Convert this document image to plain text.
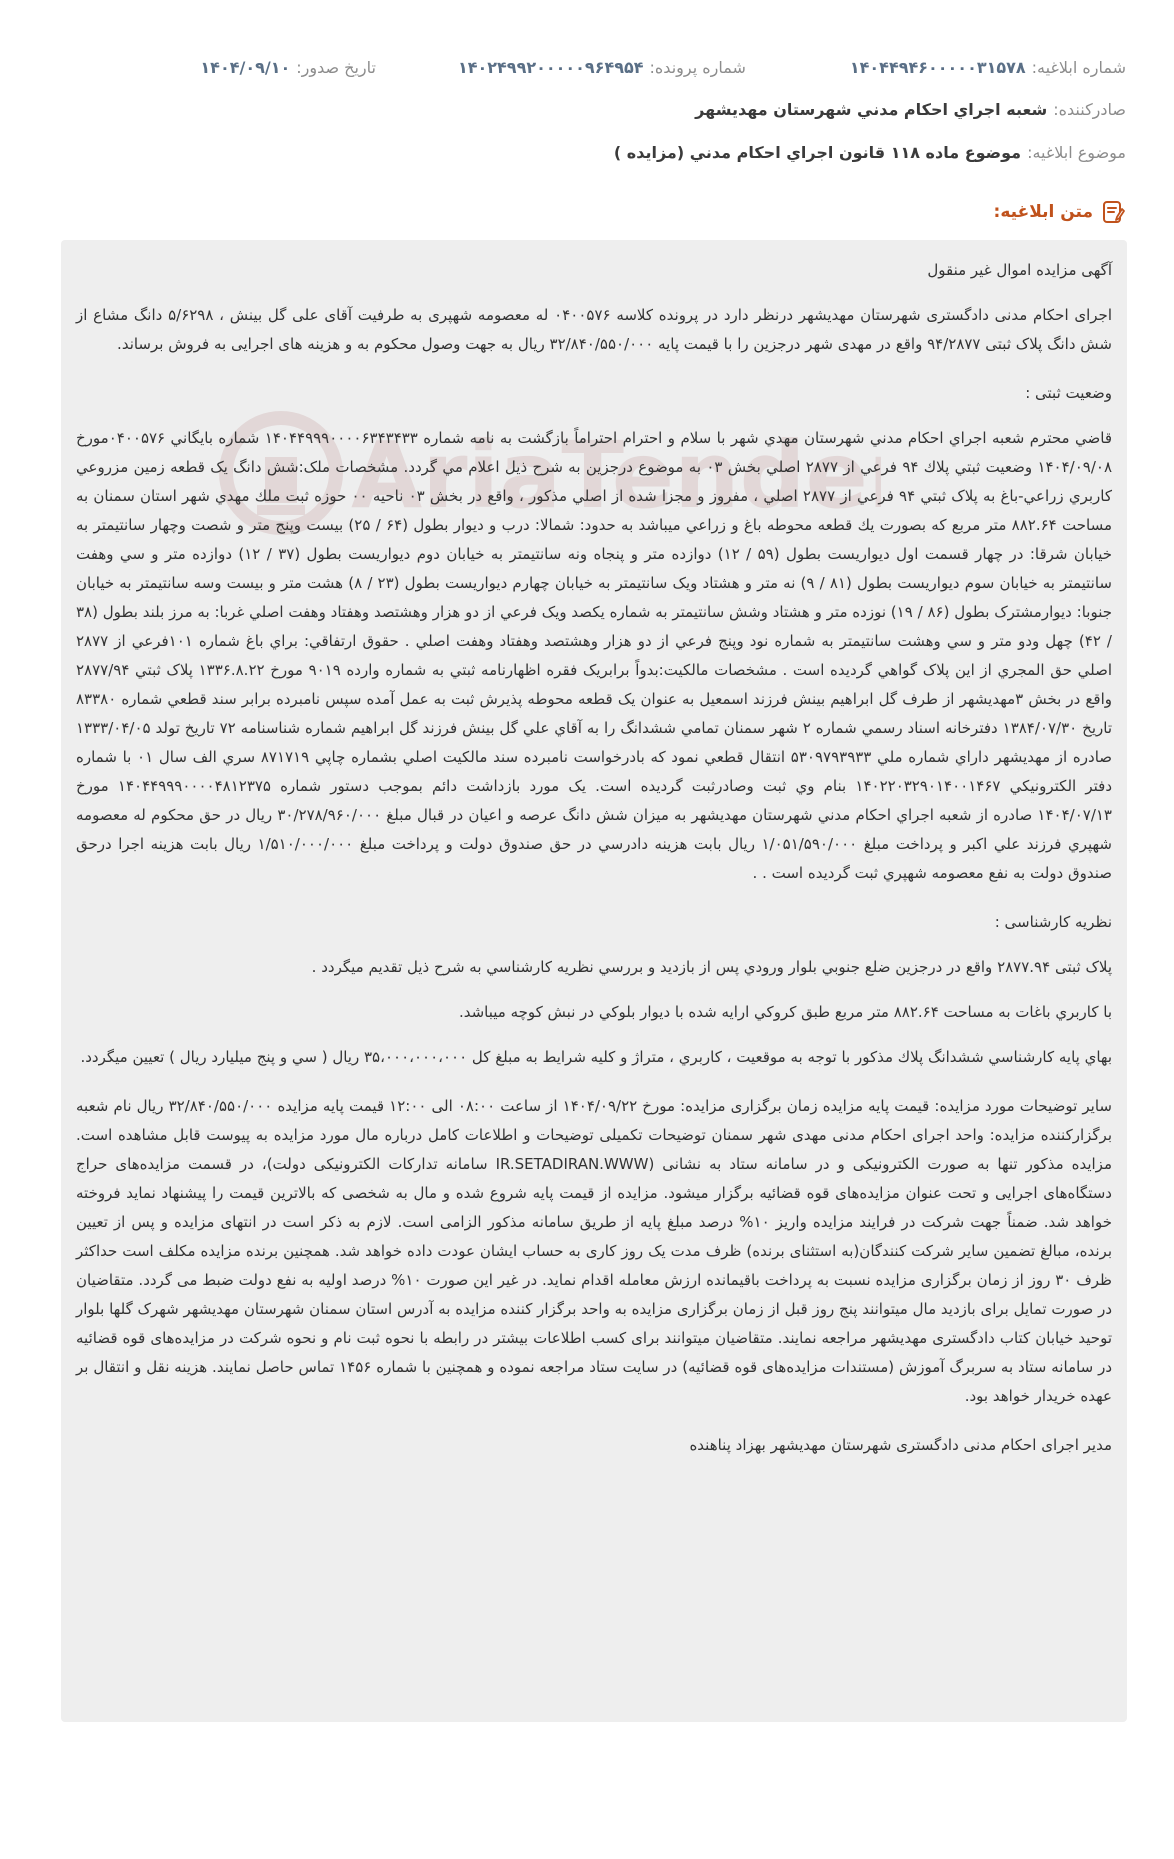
شماره ابلاغیه:
۱۴۰۴۴۹۴۶۰۰۰۰۰۳۱۵۷۸
شماره پرونده:
۱۴۰۲۴۹۹۲۰۰۰۰۰۹۶۴۹۵۴
تاریخ صدور:
۱۴۰۴/۰۹/۱۰
صادرکننده:
شعبه اجراي احكام مدني شهرستان مهديشهر
موضوع ابلاغیه:
موضوع ماده ۱۱۸ قانون اجراي احكام مدني (مزايده )
متن ابلاغیه:
AriaTende

آگهی مزایده اموال غیر منقول

اجرای احکام مدنی دادگستری شهرستان مهدیشهر درنظر دارد در پرونده کلاسه ۰۴۰۰۵۷۶ له معصومه شهپری به طرفیت آقای علی گل بینش ، ۵/۶۲۹۸ دانگ مشاع از شش دانگ پلاک ثبتی ۹۴/۲۸۷۷ واقع در مهدی شهر درجزین را با قیمت پایه ۳۲/۸۴۰/۵۵۰/۰۰۰ ریال به جهت وصول محکوم به و هزینه های اجرایی به فروش برساند.

وضعیت ثبتی :

قاضي محترم شعبه اجراي احكام مدني شهرستان مهدي شهر با سلام و احترام احتراماً بازگشت به نامه شماره ۱۴۰۴۴۹۹۹۰۰۰۰۶۳۴۳۴۳۳ شماره بايگاني ۰۴۰۰۵۷۶مورخ ۱۴۰۴/۰۹/۰۸ وضعيت ثبتي پلاك ۹۴ فرعي از ۲۸۷۷ اصلي بخش ۰۳ به موضوع درجزين به شرح ذيل اعلام مي گردد. مشخصات ملک:شش دانگ يک قطعه زمين مزروعي کاربري زراعي-باغ به پلاک ثبتي ۹۴ فرعي از ۲۸۷۷ اصلي ، مفروز و مجزا شده از اصلي مذکور ، واقع در بخش ۰۳ ناحيه ۰۰ حوزه ثبت ملك مهدي شهر استان سمنان به مساحت ۸۸۲.۶۴ متر مربع كه بصورت يك قطعه محوطه باغ و زراعي ميباشد به حدود: شمالا: درب و ديوار بطول (۶۴ / ۲۵) بيست وپنج متر و شصت وچهار سانتيمتر به خيابان شرقا: در چهار قسمت اول ديواريست بطول (۵۹ / ۱۲) دوازده متر و پنجاه ونه سانتيمتر به خيابان دوم ديواريست بطول (۳۷ / ۱۲) دوازده متر و سي وهفت سانتيمتر به خيابان سوم ديواريست بطول (۸۱ / ۹) نه متر و هشتاد ويک سانتيمتر به خيابان چهارم ديواريست بطول (۲۳ / ۸) هشت متر و بيست وسه سانتيمتر به خيابان جنوبا: ديوارمشترک بطول (۸۶ / ۱۹) نوزده متر و هشتاد وشش سانتيمتر به شماره يکصد ويک فرعي از دو هزار وهشتصد وهفتاد وهفت اصلي غربا: به مرز بلند بطول (۳۸ / ۴۲) چهل ودو متر و سي وهشت سانتيمتر به شماره نود وپنج فرعي از دو هزار وهشتصد وهفتاد وهفت اصلي . حقوق ارتفاقي: براي باغ شماره ۱۰۱فرعي از ۲۸۷۷ اصلي حق المجري از اين پلاک گواهي گرديده است . مشخصات مالکيت:بدواً برابريک فقره اظهارنامه ثبتي به شماره وارده ۹۰۱۹ مورخ ۱۳۳۶.۸.۲۲ پلاک ثبتي ۲۸۷۷/۹۴ واقع در بخش ۳مهديشهر از طرف گل ابراهيم بينش فرزند اسمعيل به عنوان يک قطعه محوطه پذيرش ثبت به عمل آمده سپس نامبرده برابر سند قطعي شماره ۸۳۳۸۰ تاريخ ۱۳۸۴/۰۷/۳۰ دفترخانه اسناد رسمي شماره ۲ شهر سمنان تمامي ششدانگ را به آقاي علي گل بينش فرزند گل ابراهيم شماره شناسنامه ۷۲ تاريخ تولد ۱۳۳۳/۰۴/۰۵ صادره از مهديشهر داراي شماره ملي ۵۳۰۹۷۹۳۹۳۳ انتقال قطعي نمود كه بادرخواست نامبرده سند مالكيت اصلي بشماره چاپي ۸۷۱۷۱۹ سري الف سال ۰۱ با شماره دفتر الكترونيكي ۱۴۰۲۲۰۳۲۹۰۱۴۰۰۱۴۶۷ بنام وي ثبت وصادرثبت گرديده است. يک مورد بازداشت دائم بموجب دستور شماره ۱۴۰۴۴۹۹۹۰۰۰۰۴۸۱۲۳۷۵ مورخ ۱۴۰۴/۰۷/۱۳ صادره از شعبه اجراي احكام مدني شهرستان مهديشهر به ميزان شش دانگ عرصه و اعيان در قبال مبلغ ۳۰/۲۷۸/۹۶۰/۰۰۰ ريال در حق محكوم له معصومه شهپري فرزند علي اكبر و پرداخت مبلغ ۱/۰۵۱/۵۹۰/۰۰۰ ريال بابت هزينه دادرسي در حق صندوق دولت و پرداخت مبلغ ۱/۵۱۰/۰۰۰/۰۰۰ ريال بابت هزينه اجرا درحق صندوق دولت به نفع معصومه شهپري ثبت گرديده است . .

نظریه کارشناسی :

پلاک ثبتی ۲۸۷۷.۹۴ واقع در درجزين ضلع جنوبي بلوار ورودي پس از بازديد و بررسي نظريه كارشناسي به شرح ذيل تقديم ميگردد .

با كاربري باغات به مساحت ۸۸۲.۶۴ متر مربع طبق كروكي ارايه شده با ديوار بلوكي در نبش كوچه ميباشد.

بهاي پايه كارشناسي ششدانگ پلاك مذكور با توجه به موقعيت ، كاربري ، متراژ و كليه شرايط به مبلغ كل ۳۵،۰۰۰،۰۰۰،۰۰۰ ريال ( سي و پنج ميليارد ريال ) تعيين ميگردد.

سایر توضیحات مورد مزایده: قیمت پایه مزایده زمان برگزاری مزایده: مورخ ۱۴۰۴/۰۹/۲۲ از ساعت ۰۸:۰۰ الی ۱۲:۰۰ قیمت پایه مزایده ۳۲/۸۴۰/۵۵۰/۰۰۰ ریال نام شعبه برگزارکننده مزایده: واحد اجرای احکام مدنی مهدی شهر سمنان توضیحات تکمیلی توضیحات و اطلاعات کامل درباره مال مورد مزایده به پیوست قابل مشاهده است. مزایده مذکور تنها به صورت الکترونیکی و در سامانه ستاد به نشانی (IR.SETADIRAN.WWW سامانه تدارکات الکترونیکی دولت)، در قسمت مزایده‌های حراج دستگاه‌های اجرایی و تحت عنوان مزایده‌های قوه قضائیه برگزار میشود. مزایده از قیمت پایه شروع شده و مال به شخصی که بالاترین قیمت را پیشنهاد نماید فروخته خواهد شد. ضمناً جهت شرکت در فرایند مزایده واریز ۱۰% درصد مبلغ پایه از طریق سامانه مذکور الزامی است. لازم به ذکر است در انتهای مزایده و پس از تعیین برنده، مبالغ تضمین سایر شرکت کنندگان(به استثنای برنده) ظرف مدت یک روز کاری به حساب ایشان عودت داده خواهد شد. همچنین برنده مزایده مکلف است حداکثر ظرف ۳۰ روز از زمان برگزاری مزایده نسبت به پرداخت باقیمانده ارزش معامله اقدام نماید. در غیر این صورت ۱۰% درصد اولیه به نفع دولت ضبط می گردد. متقاضیان در صورت تمایل برای بازدید مال میتوانند پنج روز قبل از زمان برگزاری مزایده به واحد برگزار کننده مزایده به آدرس استان سمنان شهرستان مهدیشهر شهرک گلها بلوار توحید خیابان کتاب دادگستری مهدیشهر مراجعه نمایند. متقاضیان میتوانند برای کسب اطلاعات بیشتر در رابطه با نحوه ثبت نام و نحوه شرکت در مزایده‌های قوه قضائیه در سامانه ستاد به سربرگ آموزش (مستندات مزایده‌های قوه قضائیه) در سایت ستاد مراجعه نموده و همچنین با شماره ۱۴۵۶ تماس حاصل نمایند. هزینه نقل و انتقال بر عهده خریدار خواهد بود.

مدیر اجرای احکام مدنی دادگستری شهرستان مهدیشهر بهزاد پناهنده
